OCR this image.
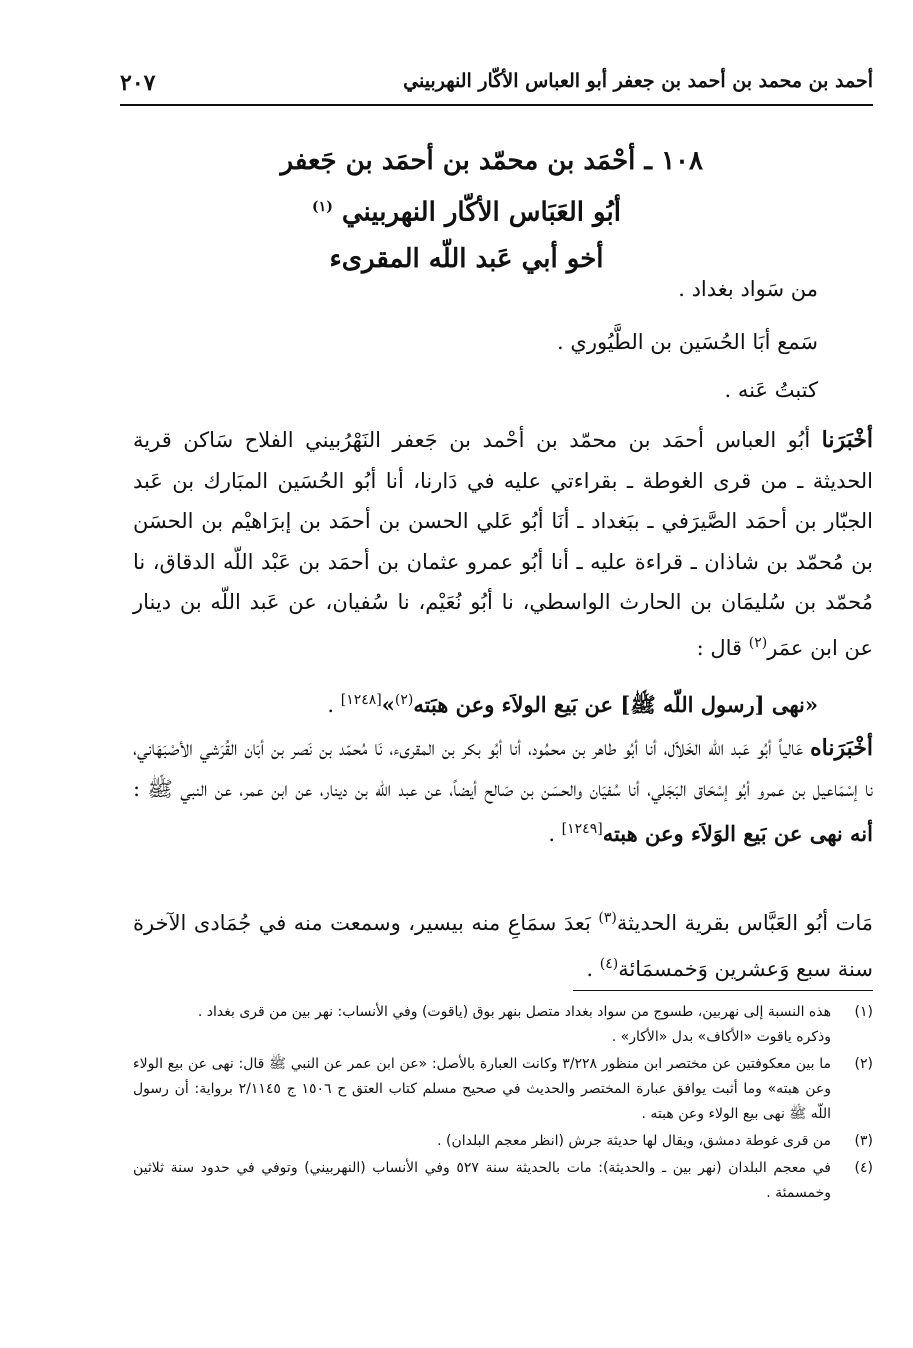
٢٠٧	أحمد بن محمد بن أحمد بن جعفر أبو العباس الأكّار النهربيني
١٠٨ ـ أحْمَد بن محمّد بن أحمَد بن جَعفر
أبُو العَبَاس الأكّار النهربيني $^{(١)}$
أخو أبي عَبد اللّه المقرىء
من سَواد بغداد .
سَمع أبَا الحُسَين بن الطَّيُوري .
كتبتُ عَنه .
أخْبَرَنا أبُو العباس أحمَد بن محمّد بن أحْمد بن جَعفر النَهْرُبيني الفلاح سَاكن قرية الحديثة ـ من قرى الغوطة ـ بقراءتي عليه في دَارنا، أنا أبُو الحُسَين المبَارك بن عَبد الجبّار بن أحمَد الصَّيرَفي ـ ببَغداد ـ أنَا أبُو عَلي الحسن بن أحمَد بن إبرَاهيْم بن الحسَن بن مُحمّد بن شاذان ـ قراءة عليه ـ أنا أبُو عمرو عثمان بن أحمَد بن عَبْد اللّه الدقاق، نا مُحمّد بن سُليمَان بن الحارث الواسطي، نا أبُو نُعَيْم، نا سُفيان، عن عَبد اللّه بن دينار عن ابن عمَر$^{(٢)}$ قال :
«نهى [رسول اللّه ﷺ] عن بَيع الولاَء وعن هبَته$^{(٢)}$»[١٢٤٨] .
أخْبَرَناه عَالياً أبُو عَبد اللّه الخَلاّل، أنا أبُو طاهر بن محمُود، أنا أبُو بكر بن المقرىء، نَا مُحمّد بن نَصر بن أبَان القُرَشي الأصْبَهَاني، نا إسْمَاعيل بن عمرو أبُو إسْحَاق البَجَلي، أنا سُفيَان والحسَن بن صَالح أيضاً، عن عبد اللّه بن دينار، عن ابن عمر، عن النبي ﷺ : أنه نهى عن بَيع الوَلاَء وعن هبته[١٢٤٩] .
مَات أبُو العَبَّاس بقرية الحديثة$^{(٣)}$ بَعدَ سمَاعِ منه بيسير، وسمعت منه في جُمَادى الآخرة سنة سبع وَعشرين وَخمسمَائة$^{(٤)}$ .
(١)
هذه النسبة إلى نهربين، طسوج من سواد بغداد متصل بنهر بوق (ياقوت) وفي الأنساب: نهر بين من قرى بغداد .
وذكره ياقوت «الأكاف» بدل «الأكار» .
(٢)
ما بين معكوفتين عن مختصر ابن منظور ٣/٢٢٨ وكانت العبارة بالأصل: «عن ابن عمر عن النبي ﷺ قال: نهى عن بيع الولاء وعن هبته» وما أثبت يوافق عبارة المختصر والحديث في صحيح مسلم كتاب العتق ح ١٥٠٦ ج ٢/١١٤٥ برواية: أن رسول اللّه ﷺ نهى بيع الولاء وعن هبته .
(٣)
من قرى غوطة دمشق، ويقال لها حديثة جرش (انظر معجم البلدان) .
(٤)
في معجم البلدان (نهر بين ـ والحديثة): مات بالحديثة سنة ٥٢٧ وفي الأنساب (النهربيني) وتوفي في حدود سنة ثلاثين وخمسمئة .
